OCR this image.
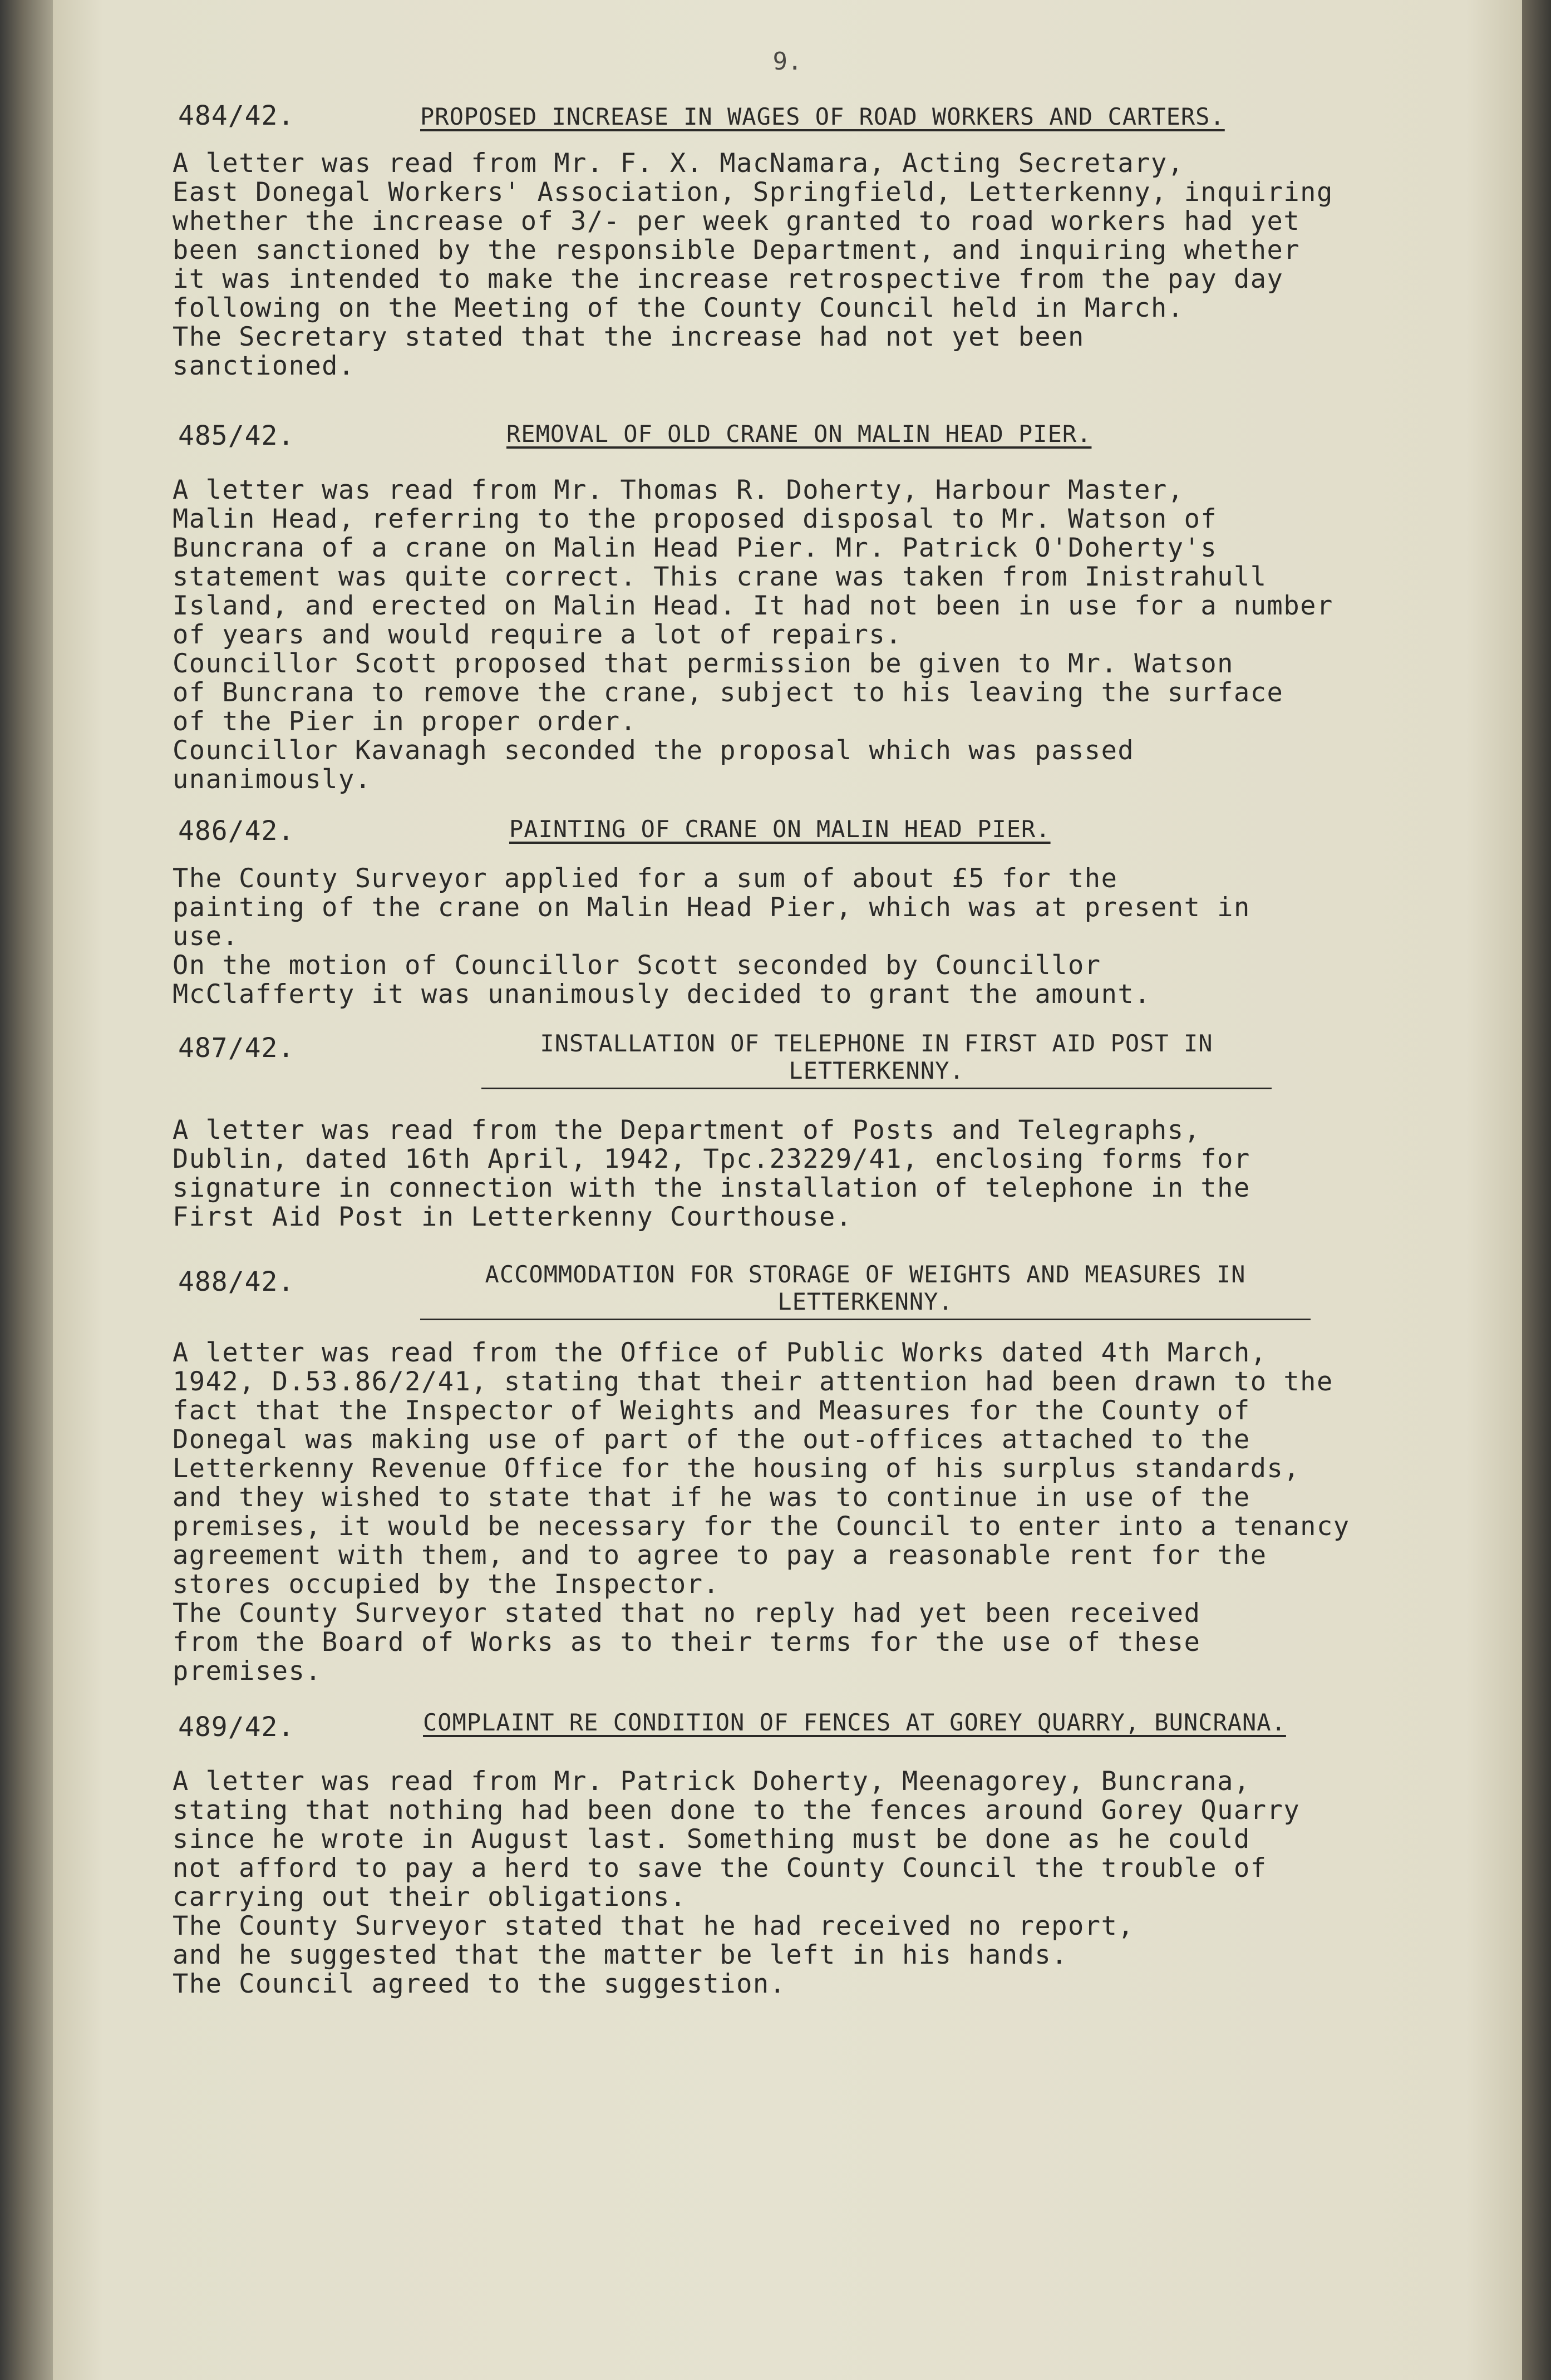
9.
484/42.	PROPOSED INCREASE IN WAGES OF ROAD WORKERS AND CARTERS.
A letter was read from Mr. F. X. MacNamara, Acting Secretary,
East Donegal Workers' Association, Springfield, Letterkenny, inquiring
whether the increase of 3/- per week granted to road workers had yet
been sanctioned by the responsible Department, and inquiring whether
it was intended to make the increase retrospective from the pay day
following on the Meeting of the County Council held in March.
The Secretary stated that the increase had not yet been
sanctioned.
485/42.	REMOVAL OF OLD CRANE ON MALIN HEAD PIER.
A letter was read from Mr. Thomas R. Doherty, Harbour Master,
Malin Head, referring to the proposed disposal to Mr. Watson of
Buncrana of a crane on Malin Head Pier. Mr. Patrick O'Doherty's
statement was quite correct. This crane was taken from Inistrahull
Island, and erected on Malin Head. It had not been in use for a number
of years and would require a lot of repairs.
Councillor Scott proposed that permission be given to Mr. Watson
of Buncrana to remove the crane, subject to his leaving the surface
of the Pier in proper order.
Councillor Kavanagh seconded the proposal which was passed
unanimously.
486/42.	PAINTING OF CRANE ON MALIN HEAD PIER.
The County Surveyor applied for a sum of about £5 for the
painting of the crane on Malin Head Pier, which was at present in
use.
On the motion of Councillor Scott seconded by Councillor
McClafferty it was unanimously decided to grant the amount.
487/42.	INSTALLATION OF TELEPHONE IN FIRST AID POST IN
LETTERKENNY.
A letter was read from the Department of Posts and Telegraphs,
Dublin, dated 16th April, 1942, Tpc.23229/41, enclosing forms for
signature in connection with the installation of telephone in the
First Aid Post in Letterkenny Courthouse.
488/42.	ACCOMMODATION FOR STORAGE OF WEIGHTS AND MEASURES IN
LETTERKENNY.
A letter was read from the Office of Public Works dated 4th March,
1942, D.53.86/2/41, stating that their attention had been drawn to the
fact that the Inspector of Weights and Measures for the County of
Donegal was making use of part of the out-offices attached to the
Letterkenny Revenue Office for the housing of his surplus standards,
and they wished to state that if he was to continue in use of the
premises, it would be necessary for the Council to enter into a tenancy
agreement with them, and to agree to pay a reasonable rent for the
stores occupied by the Inspector.
The County Surveyor stated that no reply had yet been received
from the Board of Works as to their terms for the use of these
premises.
489/42.	COMPLAINT RE CONDITION OF FENCES AT GOREY QUARRY, BUNCRANA.
A letter was read from Mr. Patrick Doherty, Meenagorey, Buncrana,
stating that nothing had been done to the fences around Gorey Quarry
since he wrote in August last. Something must be done as he could
not afford to pay a herd to save the County Council the trouble of
carrying out their obligations.
The County Surveyor stated that he had received no report,
and he suggested that the matter be left in his hands.
The Council agreed to the suggestion.
